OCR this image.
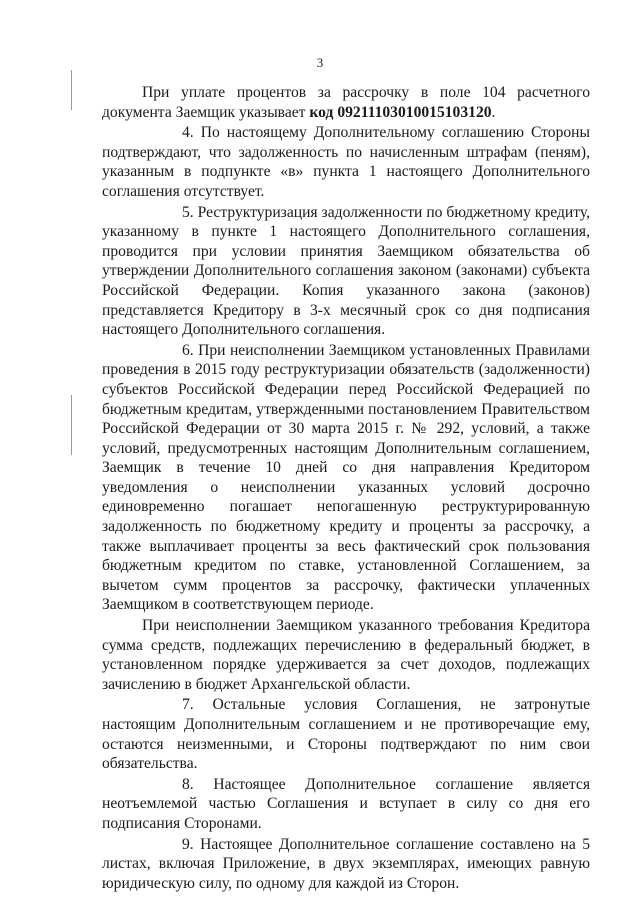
3

При уплате процентов за рассрочку в поле 104 расчетного документа Заемщик указывает код 09211103010015103120.

4. По настоящему Дополнительному соглашению Стороны подтверждают, что задолженность по начисленным штрафам (пеням), указанным в подпункте «в» пункта 1 настоящего Дополнительного соглашения отсутствует.

5. Реструктуризация задолженности по бюджетному кредиту, указанному в пункте 1 настоящего Дополнительного соглашения, проводится при условии принятия Заемщиком обязательства об утверждении Дополнительного соглашения законом (законами) субъекта Российской Федерации. Копия указанного закона (законов) представляется Кредитору в 3-х месячный срок со дня подписания настоящего Дополнительного соглашения.

6. При неисполнении Заемщиком установленных Правилами проведения в 2015 году реструктуризации обязательств (задолженности) субъектов Российской Федерации перед Российской Федерацией по бюджетным кредитам, утвержденными постановлением Правительством Российской Федерации от 30 марта 2015 г. № 292, условий, а также условий, предусмотренных настоящим Дополнительным соглашением, Заемщик в течение 10 дней со дня направления Кредитором уведомления о неисполнении указанных условий досрочно единовременно погашает непогашенную реструктурированную задолженность по бюджетному кредиту и проценты за рассрочку, а также выплачивает проценты за весь фактический срок пользования бюджетным кредитом по ставке, установленной Соглашением, за вычетом сумм процентов за рассрочку, фактически уплаченных Заемщиком в соответствующем периоде.

При неисполнении Заемщиком указанного требования Кредитора сумма средств, подлежащих перечислению в федеральный бюджет, в установленном порядке удерживается за счет доходов, подлежащих зачислению в бюджет Архангельской области.

7. Остальные условия Соглашения, не затронутые настоящим Дополнительным соглашением и не противоречащие ему, остаются неизменными, и Стороны подтверждают по ним свои обязательства.

8. Настоящее Дополнительное соглашение является неотъемлемой частью Соглашения и вступает в силу со дня его подписания Сторонами.

9. Настоящее Дополнительное соглашение составлено на 5 листах, включая Приложение, в двух экземплярах, имеющих равную юридическую силу, по одному для каждой из Сторон.
